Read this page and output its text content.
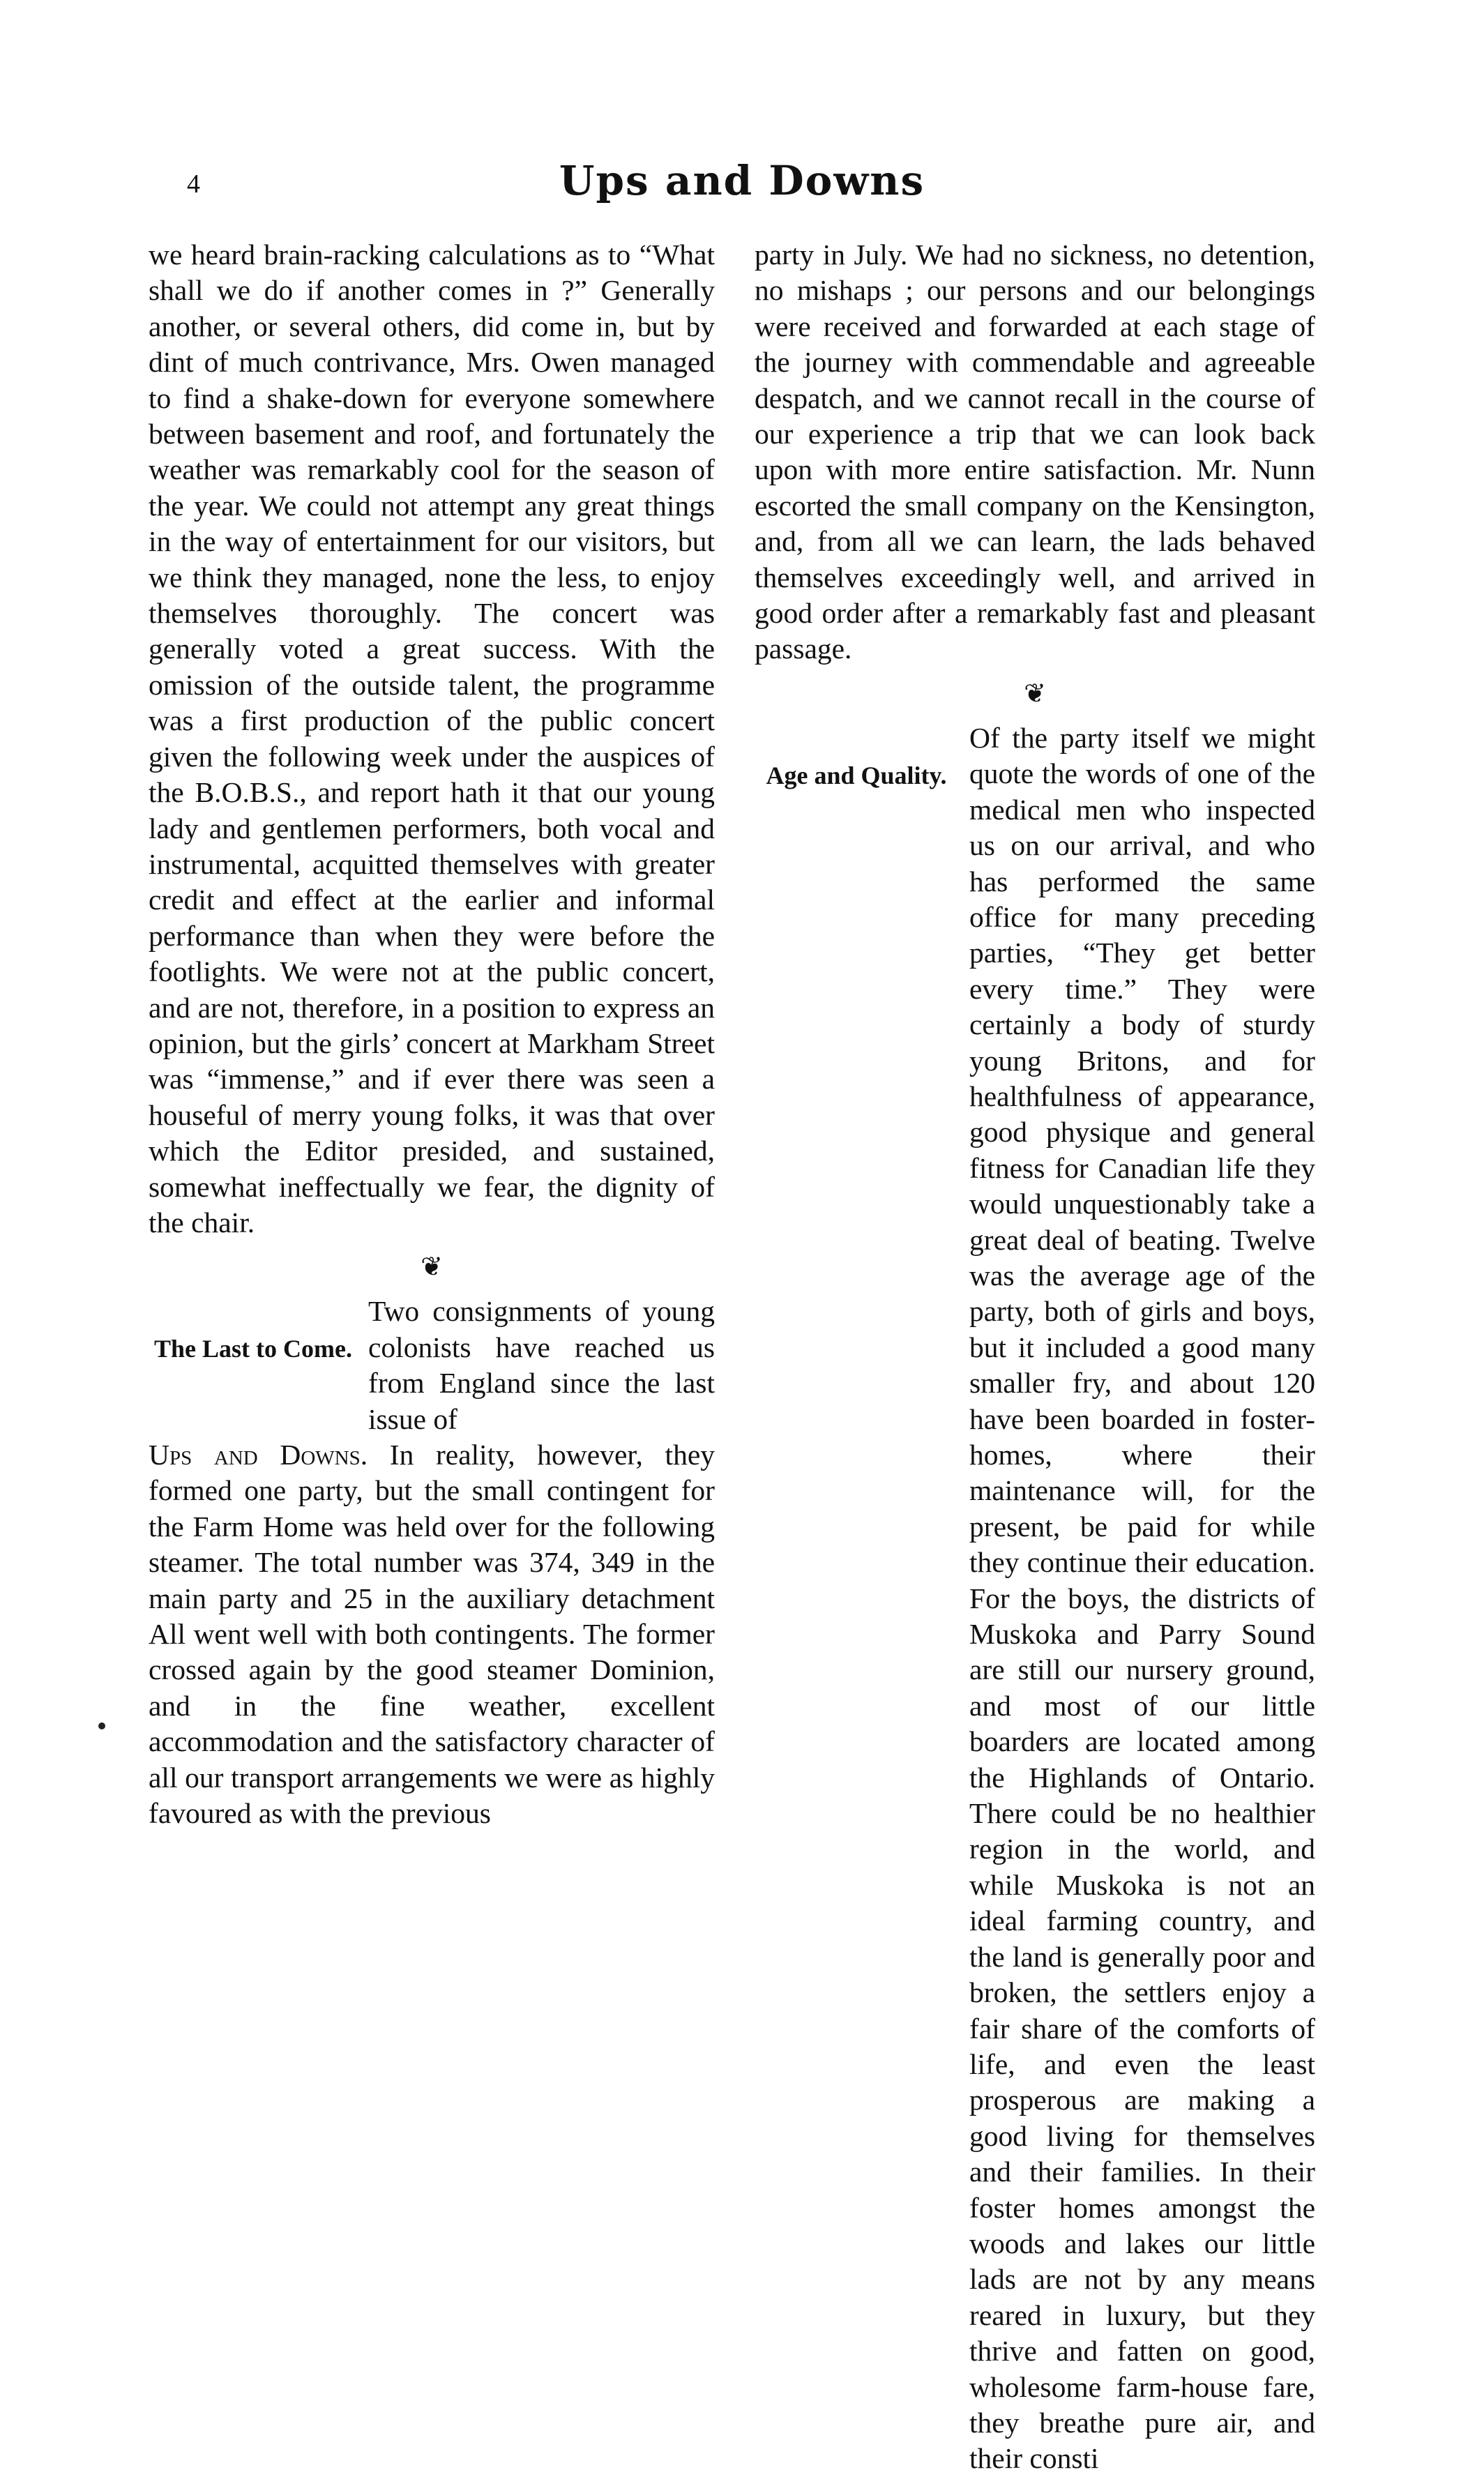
4	Ups and Downs

we heard brain-racking calculations as to “What shall we do if another comes in ?” Generally another, or several others, did come in, but by dint of much contrivance, Mrs. Owen managed to find a shake-down for everyone somewhere between basement and roof, and fortunately the weather was remarkably cool for the season of the year. We could not attempt any great things in the way of entertainment for our visitors, but we think they managed, none the less, to enjoy themselves thoroughly. The concert was generally voted a great success. With the omission of the outside talent, the programme was a first production of the public concert given the following week under the auspices of the B.O.B.S., and report hath it that our young lady and gentlemen performers, both vocal and instrumental, acquitted themselves with greater credit and effect at the earlier and informal performance than when they were before the footlights. We were not at the public concert, and are not, therefore, in a position to express an opinion, but the girls’ concert at Markham Street was “immense,” and if ever there was seen a houseful of merry young folks, it was that over which the Editor presided, and sustained, somewhat ineffectually we fear, the dignity of the chair.

❦
The Last to Come.
Two consignments of young colonists have reached us from England since the last issue of

Ups and Downs. In reality, however, they formed one party, but the small contingent for the Farm Home was held over for the following steamer. The total number was 374, 349 in the main party and 25 in the auxiliary detachment All went well with both contingents. The former crossed again by the good steamer Dominion, and in the fine weather, excellent accommodation and the satisfactory character of all our transport arrangements we were as highly favoured as with the previous

party in July. We had no sickness, no detention, no mishaps ; our persons and our belongings were received and forwarded at each stage of the journey with commendable and agreeable despatch, and we cannot recall in the course of our experience a trip that we can look back upon with more entire satisfaction. Mr. Nunn escorted the small company on the Kensington, and, from all we can learn, the lads behaved themselves exceedingly well, and arrived in good order after a remarkably fast and pleasant passage.

❦
Age and Quality.
Of the party itself we might quote the words of one of the medical men who inspected us on our arrival, and who has performed the same office for many preceding parties, “They get better every time.” They were certainly a body of sturdy young Britons, and for healthfulness of appearance, good physique and general fitness for Canadian life they would unquestionably take a great deal of beating. Twelve was the average age of the party, both of girls and boys, but it included a good many smaller fry, and about 120 have been boarded in foster-homes, where their maintenance will, for the present, be paid for while they continue their education. For the boys, the districts of Muskoka and Parry Sound are still our nursery ground, and most of our little boarders are located among the Highlands of Ontario. There could be no healthier region in the world, and while Muskoka is not an ideal farming country, and the land is generally poor and broken, the settlers enjoy a fair share of the comforts of life, and even the least prosperous are making a good living for themselves and their families. In their foster homes amongst the woods and lakes our little lads are not by any means reared in luxury, but they thrive and fatten on good, wholesome farm-house fare, they breathe pure air, and their consti
